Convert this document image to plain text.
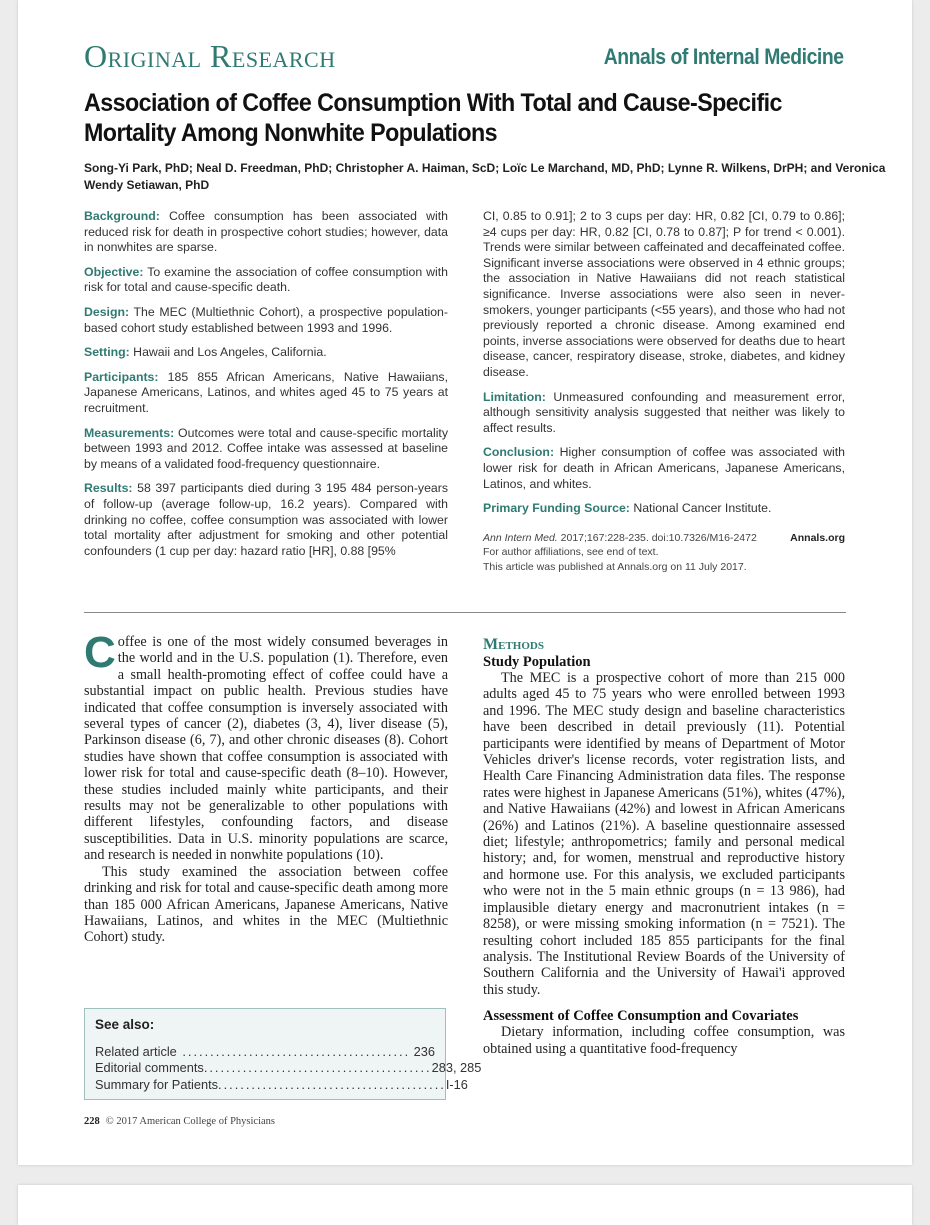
Original Research	Annals of Internal Medicine
Association of Coffee Consumption With Total and Cause-Specific Mortality Among Nonwhite Populations
Song-Yi Park, PhD; Neal D. Freedman, PhD; Christopher A. Haiman, ScD; Loïc Le Marchand, MD, PhD; Lynne R. Wilkens, DrPH; and Veronica Wendy Setiawan, PhD

Background: Coffee consumption has been associated with reduced risk for death in prospective cohort studies; however, data in nonwhites are sparse.

Objective: To examine the association of coffee consumption with risk for total and cause-specific death.

Design: The MEC (Multiethnic Cohort), a prospective population-based cohort study established between 1993 and 1996.

Setting: Hawaii and Los Angeles, California.

Participants: 185 855 African Americans, Native Hawaiians, Japanese Americans, Latinos, and whites aged 45 to 75 years at recruitment.

Measurements: Outcomes were total and cause-specific mortality between 1993 and 2012. Coffee intake was assessed at baseline by means of a validated food-frequency questionnaire.

Results: 58 397 participants died during 3 195 484 person-years of follow-up (average follow-up, 16.2 years). Compared with drinking no coffee, coffee consumption was associated with lower total mortality after adjustment for smoking and other potential confounders (1 cup per day: hazard ratio [HR], 0.88 [95%

CI, 0.85 to 0.91]; 2 to 3 cups per day: HR, 0.82 [CI, 0.79 to 0.86]; ≥4 cups per day: HR, 0.82 [CI, 0.78 to 0.87]; P for trend < 0.001). Trends were similar between caffeinated and decaffeinated coffee. Significant inverse associations were observed in 4 ethnic groups; the association in Native Hawaiians did not reach statistical significance. Inverse associations were also seen in never-smokers, younger participants (<55 years), and those who had not previously reported a chronic disease. Among examined end points, inverse associations were observed for deaths due to heart disease, cancer, respiratory disease, stroke, diabetes, and kidney disease.

Limitation: Unmeasured confounding and measurement error, although sensitivity analysis suggested that neither was likely to affect results.

Conclusion: Higher consumption of coffee was associated with lower risk for death in African Americans, Japanese Americans, Latinos, and whites.

Primary Funding Source: National Cancer Institute.

Ann Intern Med. 2017;167:228-235. doi:10.7326/M16-2472	Annals.org
For author affiliations, see end of text.
This article was published at Annals.org on 11 July 2017.

Coffee is one of the most widely consumed beverages in the world and in the U.S. population (1). Therefore, even a small health-promoting effect of coffee could have a substantial impact on public health. Previous studies have indicated that coffee consumption is inversely associated with several types of cancer (2), diabetes (3, 4), liver disease (5), Parkinson disease (6, 7), and other chronic diseases (8). Cohort studies have shown that coffee consumption is associated with lower risk for total and cause-specific death (8–10). However, these studies included mainly white participants, and their results may not be generalizable to other populations with different lifestyles, confounding factors, and disease susceptibilities. Data in U.S. minority populations are scarce, and research is needed in nonwhite populations (10).

This study examined the association between coffee drinking and risk for total and cause-specific death among more than 185 000 African Americans, Japanese Americans, Native Hawaiians, Latinos, and whites in the MEC (Multiethnic Cohort) study.

Methods
Study Population

The MEC is a prospective cohort of more than 215 000 adults aged 45 to 75 years who were enrolled between 1993 and 1996. The MEC study design and baseline characteristics have been described in detail previously (11). Potential participants were identified by means of Department of Motor Vehicles driver's license records, voter registration lists, and Health Care Financing Administration data files. The response rates were highest in Japanese Americans (51%), whites (47%), and Native Hawaiians (42%) and lowest in African Americans (26%) and Latinos (21%). A baseline questionnaire assessed diet; lifestyle; anthropometrics; family and personal medical history; and, for women, menstrual and reproductive history and hormone use. For this analysis, we excluded participants who were not in the 5 main ethnic groups (n = 13 986), had implausible dietary energy and macronutrient intakes (n = 8258), or were missing smoking information (n = 7521). The resulting cohort included 185 855 participants for the final analysis. The Institutional Review Boards of the University of Southern California and the University of Hawai'i approved this study.

Assessment of Coffee Consumption and Covariates

Dietary information, including coffee consumption, was obtained using a quantitative food-frequency

See also:
Related article ......................................... 236
Editorial comments ......................................... 283, 285
Summary for Patients ......................................... I-16
228 © 2017 American College of Physicians
